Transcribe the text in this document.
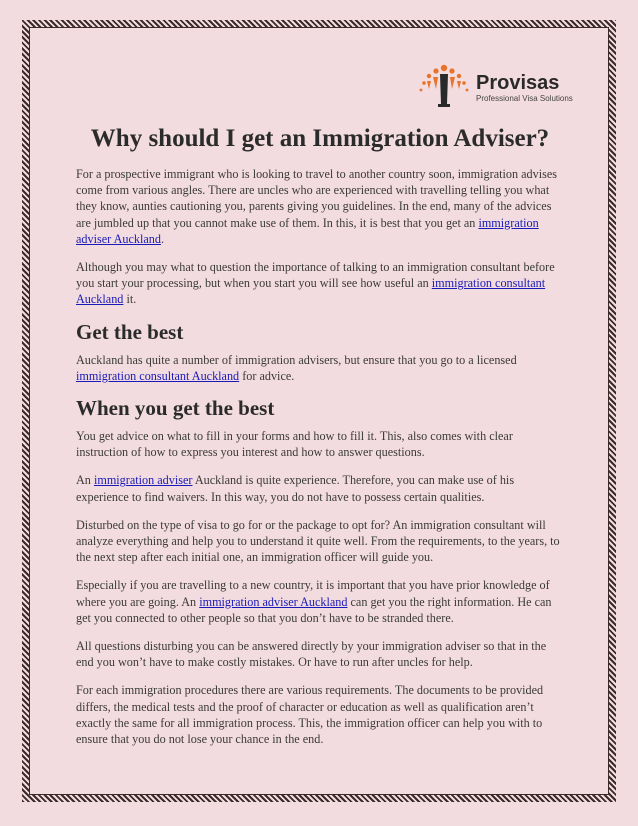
Provisas
Professional Visa Solutions
Why should I get an Immigration Adviser?

For a prospective immigrant who is looking to travel to another country soon, immigration advises come from various angles. There are uncles who are experienced with travelling telling you what they know, aunties cautioning you, parents giving you guidelines. In the end, many of the advices are jumbled up that you cannot make use of them. In this, it is best that you get an immigration adviser Auckland.

Although you may what to question the importance of talking to an immigration consultant before you start your processing, but when you start you will see how useful an immigration consultant Auckland it.

Get the best

Auckland has quite a number of immigration advisers, but ensure that you go to a licensed immigration consultant Auckland for advice.

When you get the best

You get advice on what to fill in your forms and how to fill it. This, also comes with clear instruction of how to express you interest and how to answer questions.

An immigration adviser Auckland is quite experience. Therefore, you can make use of his experience to find waivers. In this way, you do not have to possess certain qualities.

Disturbed on the type of visa to go for or the package to opt for? An immigration consultant will analyze everything and help you to understand it quite well. From the requirements, to the years, to the next step after each initial one, an immigration officer will guide you.

Especially if you are travelling to a new country, it is important that you have prior knowledge of where you are going. An immigration adviser Auckland can get you the right information. He can get you connected to other people so that you don’t have to be stranded there.

All questions disturbing you can be answered directly by your immigration adviser so that in the end you won’t have to make costly mistakes. Or have to run after uncles for help.

For each immigration procedures there are various requirements. The documents to be provided differs, the medical tests and the proof of character or education as well as qualification aren’t exactly the same for all immigration process. This, the immigration officer can help you with to ensure that you do not lose your chance in the end.
